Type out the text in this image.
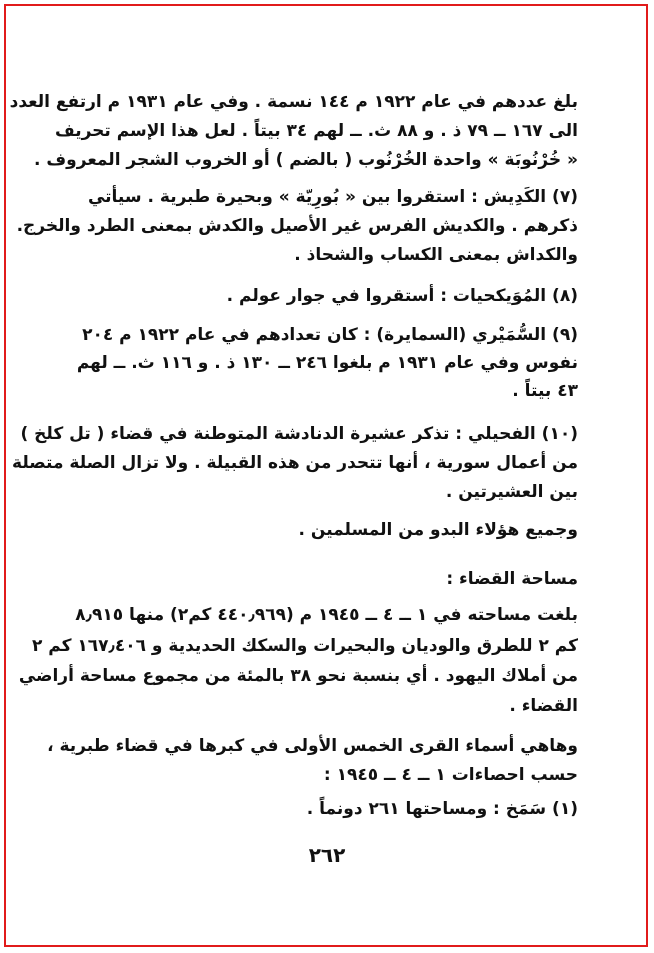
بلغ عددهم في عام ١٩٢٢ م ١٤٤ نسمة . وفي عام ١٩٣١ م ارتفع العدد
الى ١٦٧ ــ ٧٩ ذ . و ٨٨ ث. ــ لهم ٣٤ بيتاً . لعل هذا الإسم تحريف
« خُرْنُوبَة » واحدة الخُرْنُوب ( بالضم ) أو الخروب الشجر المعروف .
(٧) الكَدِيش : استقروا بين « بُورِيّة » وبحيرة طبرية . سيأتي
ذكرهم . والكديش الفرس غير الأصيل والكدش بمعنى الطرد والخرج.
والكداش بمعنى الكساب والشحاذ .
(٨) المُوَيكحيات : أستقروا في جوار عولم .
(٩) السُّمَيْري (السمايرة) : كان تعدادهم في عام ١٩٢٢ م ٢٠٤
نفوس وفي عام ١٩٣١ م بلغوا ٢٤٦ ــ ١٣٠ ذ . و ١١٦ ث. ــ لهم
٤٣ بيتاً .
(١٠) الفحيلي : تذكر عشيرة الدنادشة المتوطنة في قضاء ( تل كلخ )
من أعمال سورية ، أنها تتحدر من هذه القبيلة . ولا تزال الصلة متصلة
بين العشيرتين .
وجميع هؤلاء البدو من المسلمين .
مساحة القضاء :
بلغت مساحته في ١ ــ ٤ ــ ١٩٤٥ م (٤٤٠٫٩٦٩ كم٢) منها ٨٫٩١٥
كم ٢ للطرق والوديان والبحيرات والسكك الحديدية و ١٦٧٫٤٠٦ كم ٢
من أملاك اليهود . أي بنسبة نحو ٣٨ بالمئة من مجموع مساحة أراضي
القضاء .
وهاهي أسماء القرى الخمس الأولى في كبرها في قضاء طبرية ،
حسب احصاءات ١ ــ ٤ ــ ١٩٤٥ :
(١) سَمَخ : ومساحتها ٢٦١ دونماً .
٢٦٢
